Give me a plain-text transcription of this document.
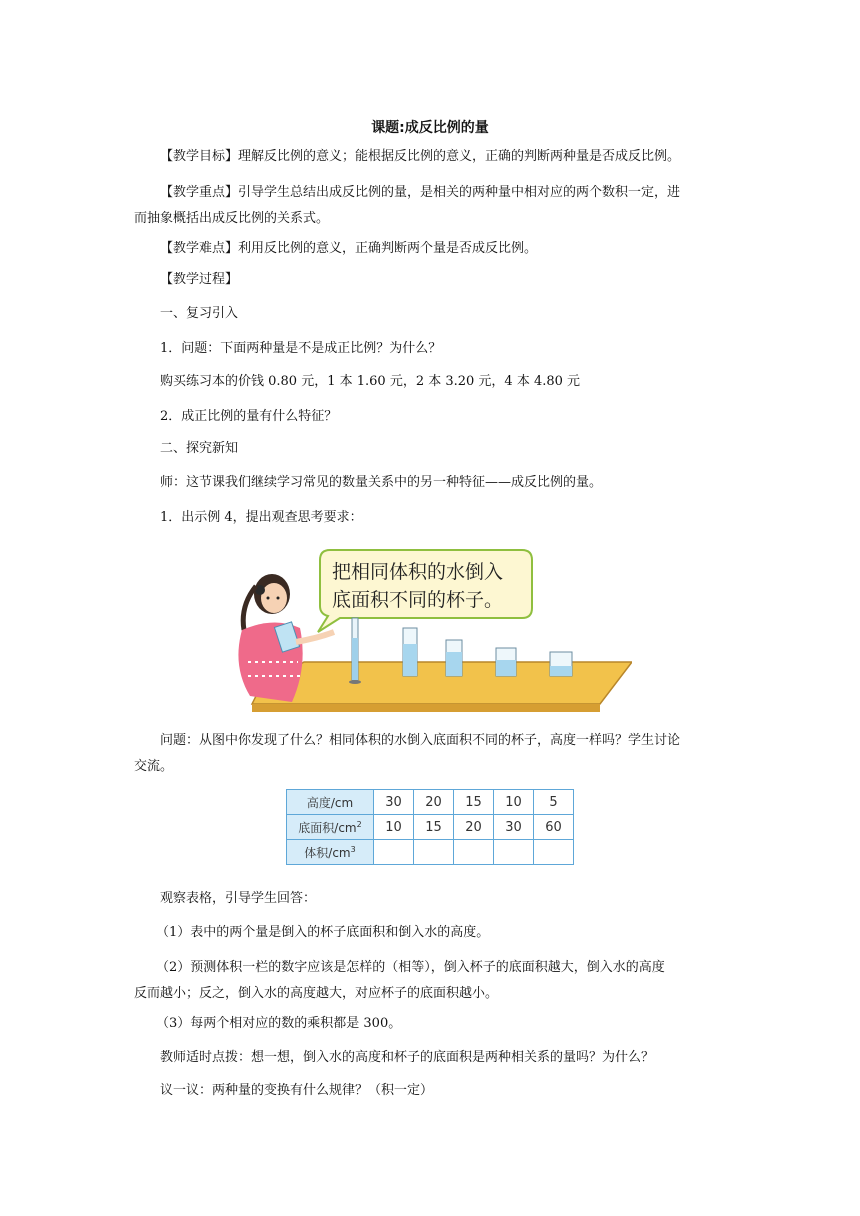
课题:成反比例的量

【教学目标】理解反比例的意义；能根据反比例的意义，正确的判断两种量是否成反比例。

【教学重点】引导学生总结出成反比例的量，是相关的两种量中相对应的两个数积一定，进
而抽象概括出成反比例的关系式。

【教学难点】利用反比例的意义，正确判断两个量是否成反比例。

【教学过程】

一、复习引入

1．问题：下面两种量是不是成正比例？为什么？

购买练习本的价钱 0.80 元，1 本 1.60 元，2 本 3.20 元，4 本 4.80 元

2．成正比例的量有什么特征？

二、探究新知

师：这节课我们继续学习常见的数量关系中的另一种特征——成反比例的量。

1．出示例 4，提出观查思考要求：

把相同体积的水倒入
底面积不同的杯子。

问题：从图中你发现了什么？相同体积的水倒入底面积不同的杯子，高度一样吗？学生讨论
交流。

高度/cm	30	20	15	10	5
底面积$/cm^2$	10	15	20	30	60
体积$/cm^3$					

观察表格，引导学生回答：

（1）表中的两个量是倒入的杯子底面积和倒入水的高度。

（2）预测体积一栏的数字应该是怎样的（相等），倒入杯子的底面积越大，倒入水的高度
反而越小；反之，倒入水的高度越大，对应杯子的底面积越小。

（3）每两个相对应的数的乘积都是 300。

教师适时点拨：想一想，倒入水的高度和杯子的底面积是两种相关系的量吗？为什么？

议一议：两种量的变换有什么规律？（积一定）
